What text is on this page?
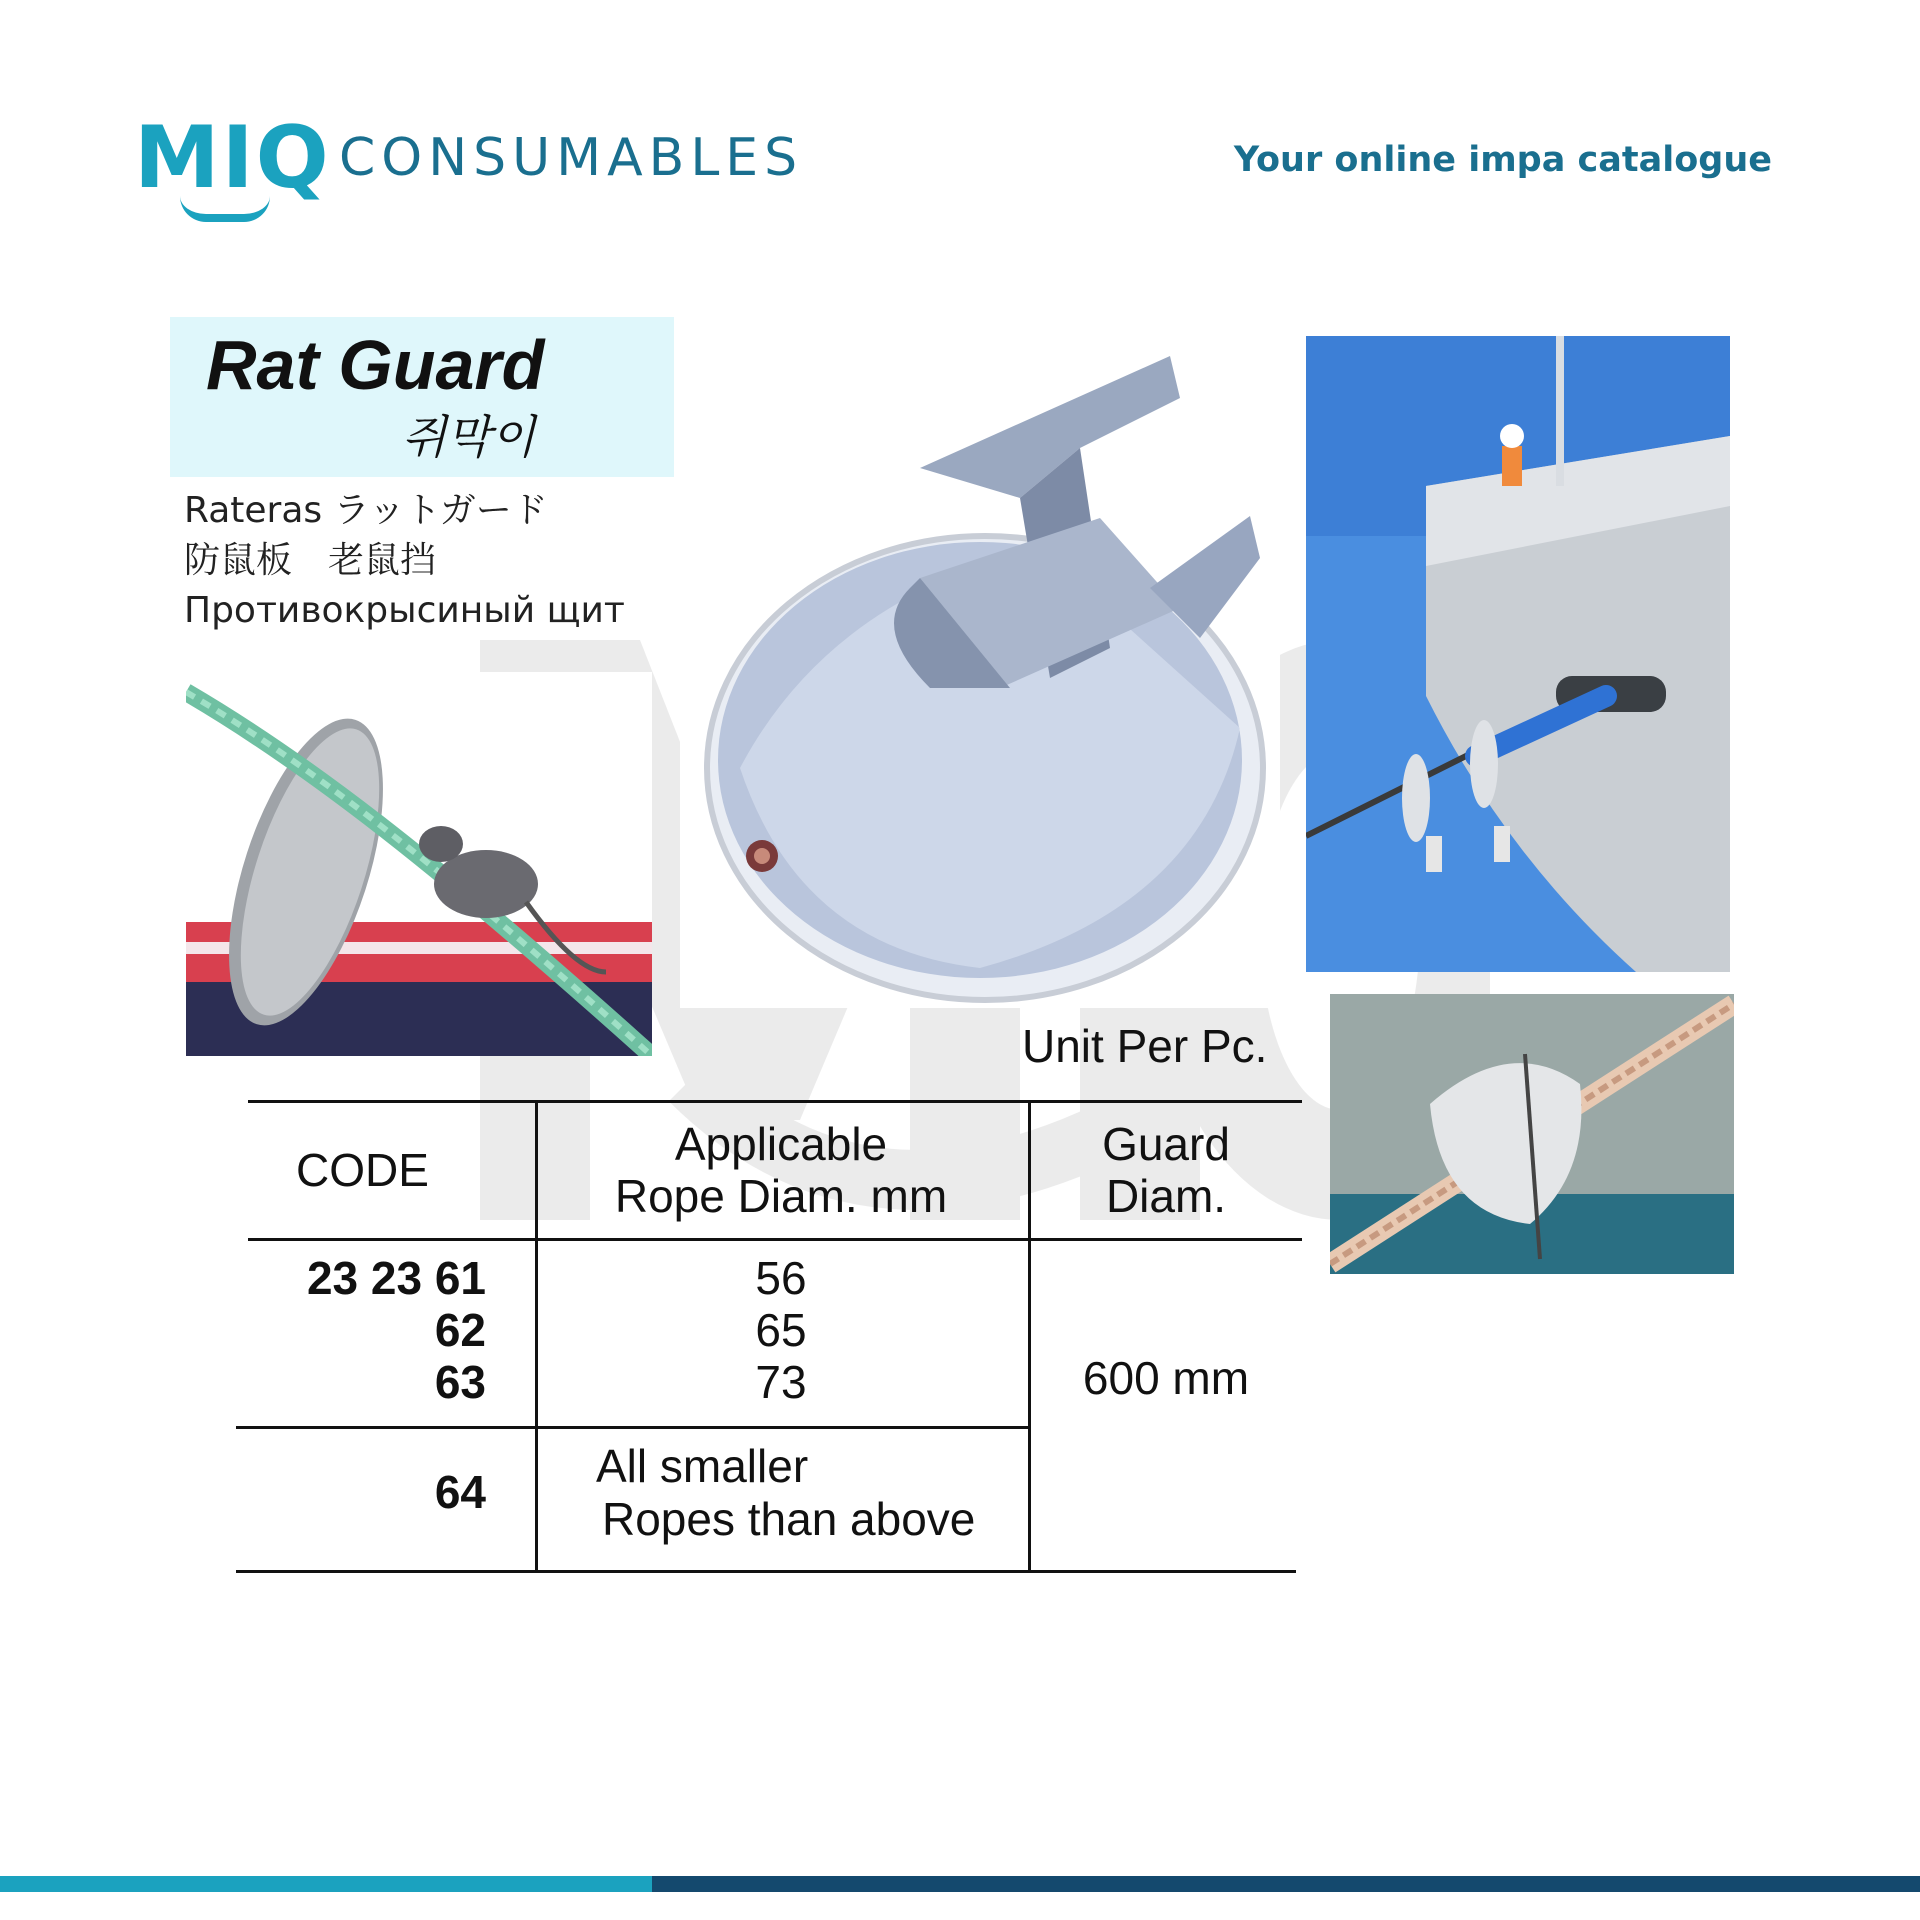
MIQ CONSUMABLES	Your online impa catalogue
Rat Guard
쥐막이
Rateras ラットガード
防鼠板　老鼠挡
Противокрысиный щит
Unit Per Pc.
CODE	Applicable
Rope Diam. mm
Guard
Diam.
23 23 61
62
63
56
65
73
64 All smaller
Ropes than above
600 mm
